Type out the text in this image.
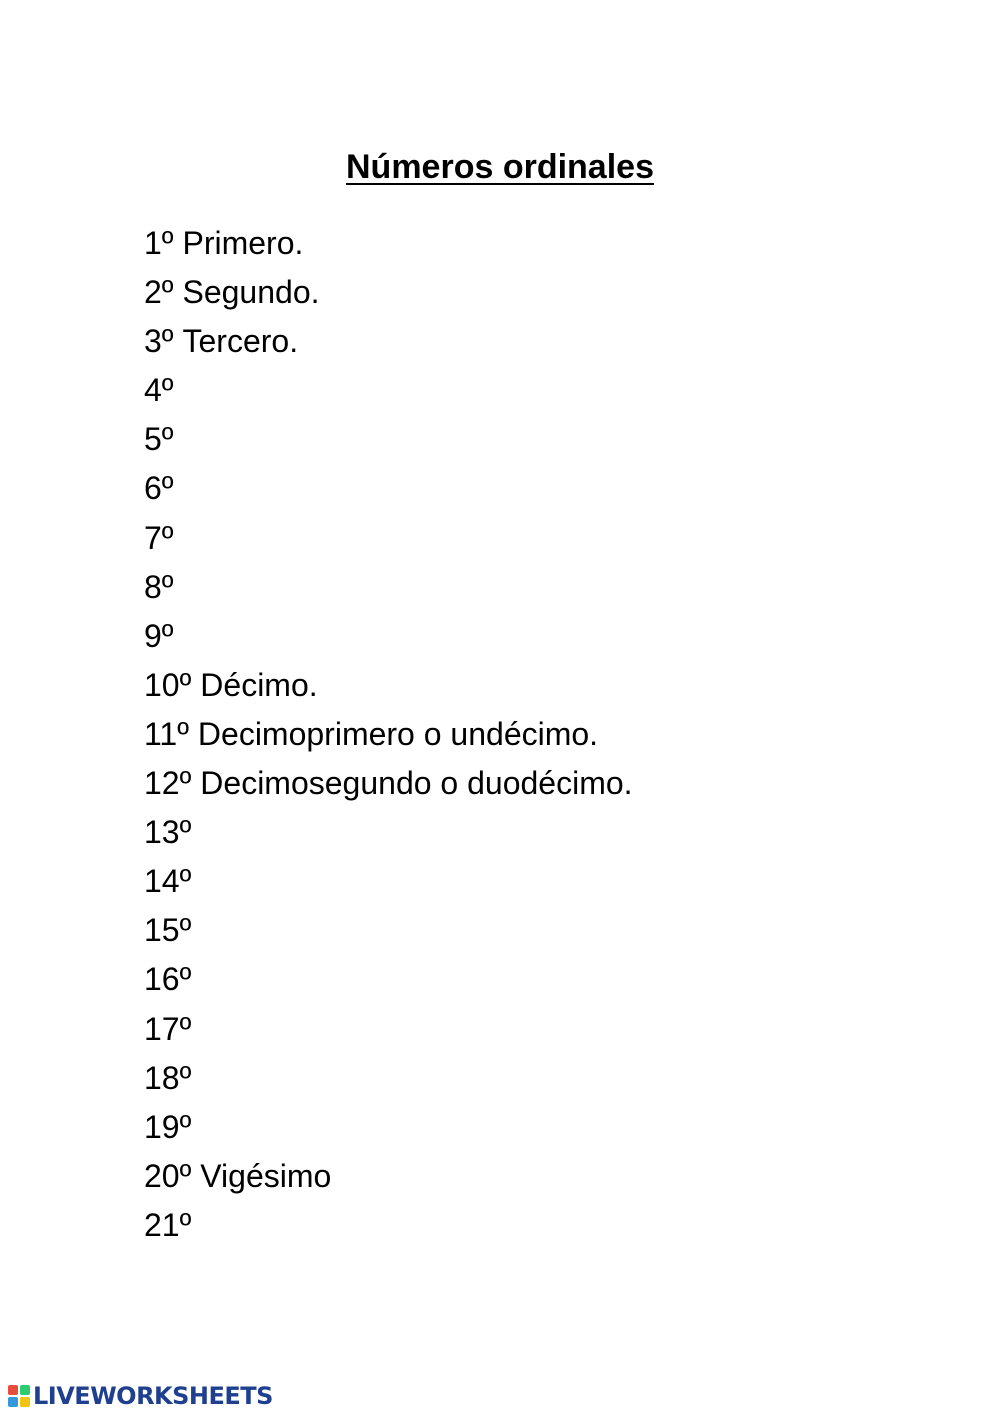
Números ordinales
1º Primero.
2º Segundo.
3º Tercero.
4º
5º
6º
7º
8º
9º
10º Décimo.
11º Decimoprimero o undécimo.
12º Decimosegundo o duodécimo.
13º
14º
15º
16º
17º
18º
19º
20º Vigésimo
21º
LIVEWORKSHEETS
